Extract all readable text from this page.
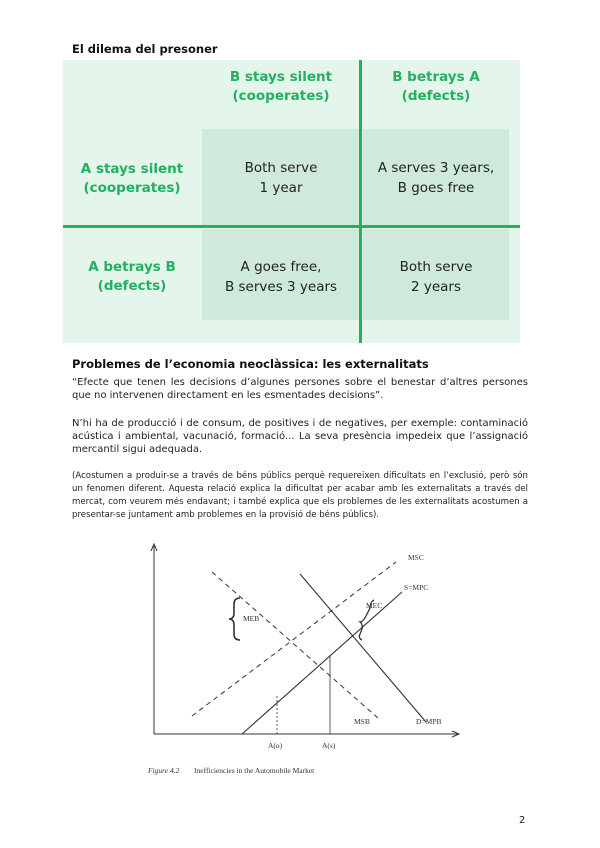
El dilema del presoner
B stays silent
(cooperates)
B betrays A
(defects)
A stays silent
(cooperates)
A betrays B
(defects)
Both serve
1 year
A serves 3 years,
B goes free
A goes free,
B serves 3 years
Both serve
2 years
Problemes de l’economia neoclàssica: les externalitats
“Efecte que tenen les decisions d’algunes persones sobre el benestar d’altres persones que no intervenen directament en les esmentades decisions”.
N’hi ha de producció i de consum, de positives i de negatives, per exemple: contaminació acústica i ambiental, vacunació, formació... La seva presència impedeix que l’assignació mercantil sigui adequada.
(Acostumen a produir-se a través de béns públics perquè requereixen dificultats en l’exclusió, però són un fenomen diferent. Aquesta relació explica la dificultat per acabar amb les externalitats a través del mercat, com veurem més endavant; i també explica que els problemes de les externalitats acostumen a presentar-se juntament amb problemes en la provisió de béns públics).
MSC
S=MPC
MEC
MEB
MSB	D=MPB
A(o)	A(s)
Figure 4.2 Inefficiencies in the Automobile Market
2
